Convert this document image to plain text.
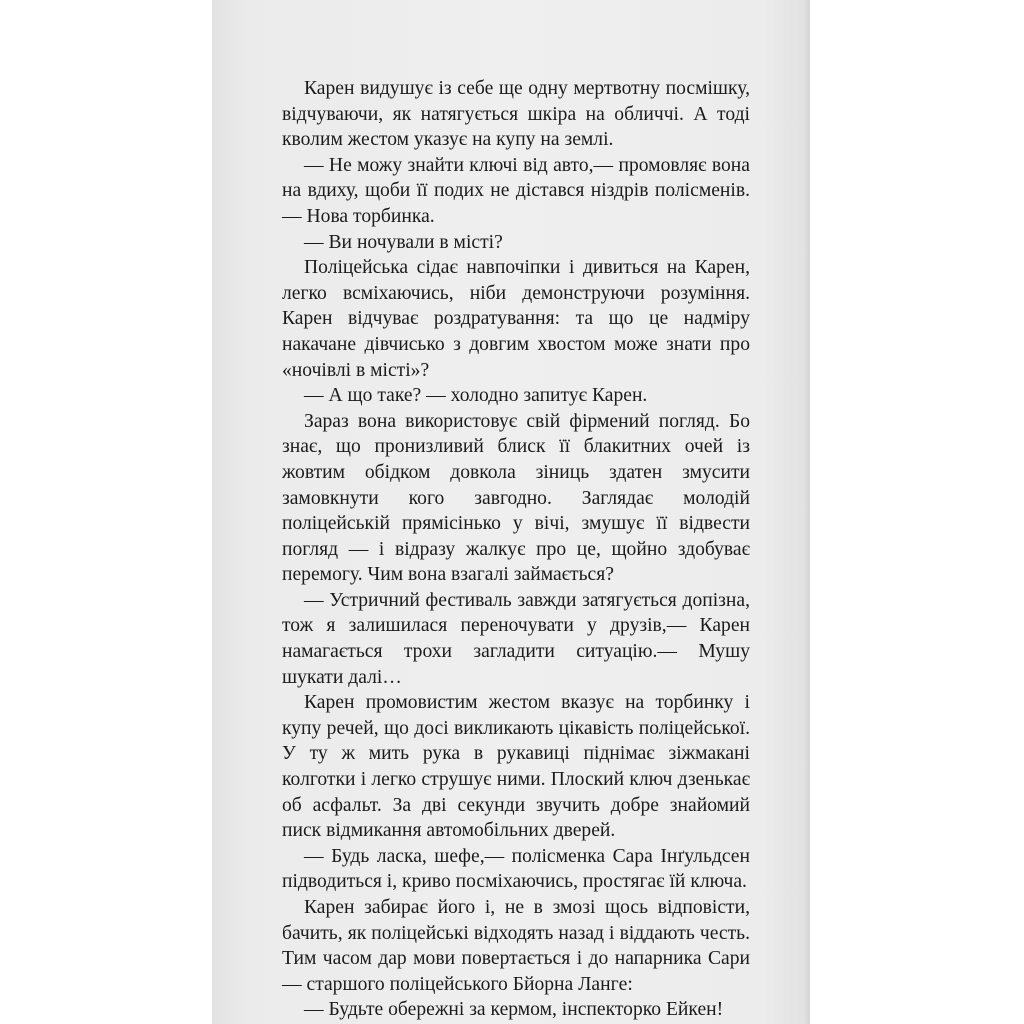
Карен видушує із себе ще одну мертвотну посмішку, відчуваючи, як натягується шкіра на обличчі. А тоді кволим жестом указує на купу на землі.

— Не можу знайти ключі від авто,— промовляє вона на вдиху, щоби її подих не дістався ніздрів полісменів.— Нова торбинка.

— Ви ночували в місті?

Поліцейська сідає навпочіпки і дивиться на Карен, легко всміхаючись, ніби демонструючи розуміння. Карен відчуває роздратування: та що це надміру накачане дівчисько з довгим хвостом може знати про «ночівлі в місті»?

— А що таке? — холодно запитує Карен.

Зараз вона використовує свій фірмений погляд. Бо знає, що пронизливий блиск її блакитних очей із жовтим обідком довкола зіниць здатен змусити замовкнути кого завгодно. Заглядає молодій поліцейській прямісінько у вічі, змушує її відвести погляд — і відразу жалкує про це, щойно здобуває перемогу. Чим вона взагалі займається?

— Устричний фестиваль завжди затягується допізна, тож я залишилася переночувати у друзів,— Карен намагається трохи загладити ситуацію.— Мушу шукати далі…

Карен промовистим жестом вказує на торбинку і купу речей, що досі викликають цікавість поліцейської. У ту ж мить рука в рукавиці піднімає зіжмакані колготки і легко струшує ними. Плоский ключ дзенькає об асфальт. За дві секунди звучить добре знайомий писк відмикання автомобільних дверей.

— Будь ласка, шефе,— полісменка Сара Інґульдсен підводиться і, криво посміхаючись, простягає їй ключа.

Карен забирає його і, не в змозі щось відповісти, бачить, як поліцейські відходять назад і віддають честь. Тим часом дар мови повертається і до напарника Сари — старшого поліцейського Бйорна Лангe:

— Будьте обережні за кермом, інспекторко Ейкен!
